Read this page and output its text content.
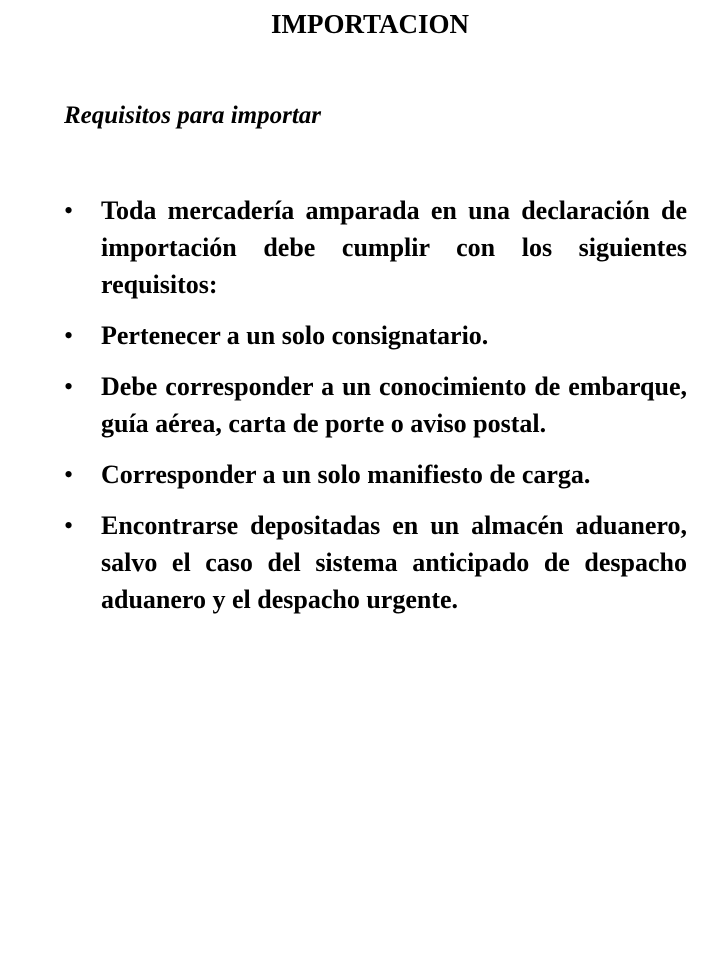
IMPORTACION
Requisitos para importar
• Toda mercadería amparada en una declaración de importación debe cumplir con los siguientes requisitos:
• Pertenecer a un solo consignatario.
• Debe corresponder a un conocimiento de embarque, guía aérea, carta de porte o aviso postal.
• Corresponder a un solo manifiesto de carga.
• Encontrarse depositadas en un almacén aduanero, salvo el caso del sistema anticipado de despacho aduanero y el despacho urgente.
